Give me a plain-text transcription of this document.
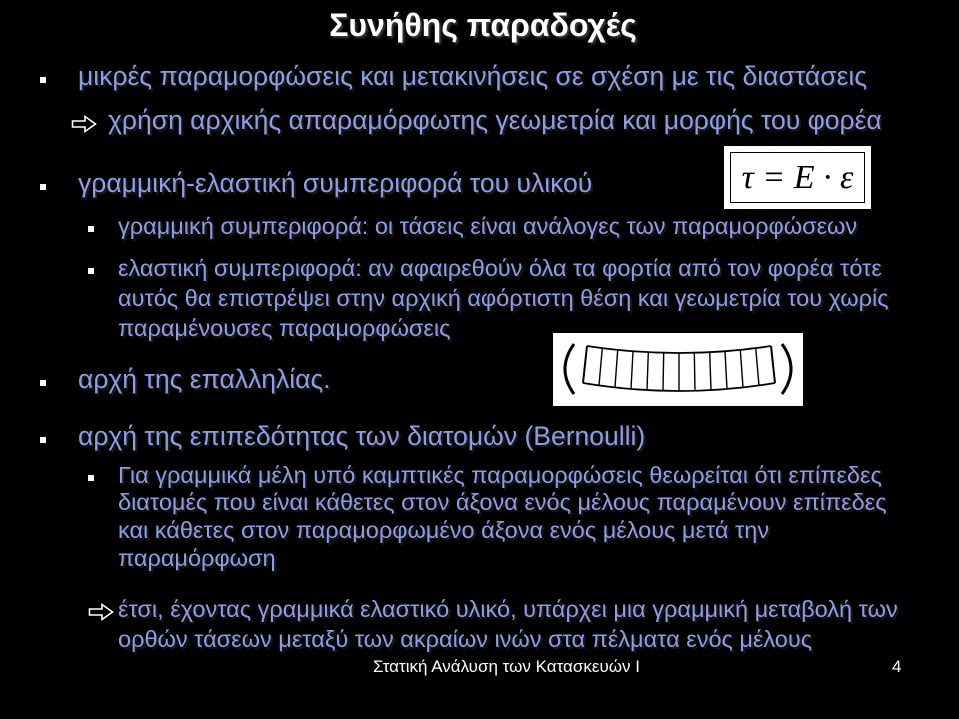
Συνήθης παραδοχές
μικρές παραμορφώσεις και μετακινήσεις σε σχέση με τις διαστάσεις
χρήση αρχικής απαραμόρφωτης γεωμετρία και μορφής του φορέα
γραμμική-ελαστική συμπεριφορά του υλικού	τ = E · ε
γραμμική συμπεριφορά: οι τάσεις είναι ανάλογες των παραμορφώσεων
ελαστική συμπεριφορά: αν αφαιρεθούν όλα τα φορτία από τον φορέα τότε
αυτός θα επιστρέψει στην αρχική αφόρτιστη θέση και γεωμετρία του χωρίς
παραμένουσες παραμορφώσεις
αρχή της επαλληλίας.
αρχή της επιπεδότητας των διατομών (Bernoulli)
Για γραμμικά μέλη υπό καμπτικές παραμορφώσεις θεωρείται ότι επίπεδες
διατομές που είναι κάθετες στον άξονα ενός μέλους παραμένουν επίπεδες
και κάθετες στον παραμορφωμένο άξονα ενός μέλους μετά την
παραμόρφωση
έτσι, έχοντας γραμμικά ελαστικό υλικό, υπάρχει μια γραμμική μεταβολή των
ορθών τάσεων μεταξύ των ακραίων ινών στα πέλματα ενός μέλους
Στατική Ανάλυση των Κατασκευών I	4
